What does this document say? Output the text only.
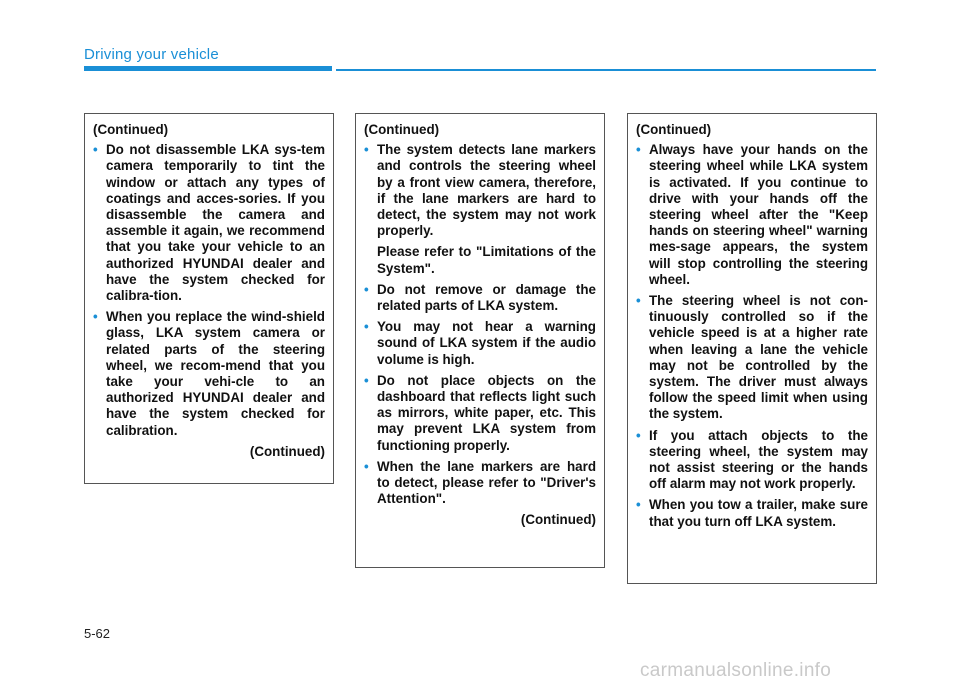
Driving your vehicle

(Continued)

• Do not disassemble LKA sys-tem camera temporarily to tint the window or attach any types of coatings and acces-sories. If you disassemble the camera and assemble it again, we recommend that you take your vehicle to an authorized HYUNDAI dealer and have the system checked for calibra-tion.
• When you replace the wind-shield glass, LKA system camera or related parts of the steering wheel, we recom-mend that you take your vehi-cle to an authorized HYUNDAI dealer and have the system checked for calibration.

(Continued)

(Continued)

• The system detects lane markers and controls the steering wheel by a front view camera, therefore, if the lane markers are hard to detect, the system may not work properly.
Please refer to "Limitations of the System".
• Do not remove or damage the related parts of LKA system.
• You may not hear a warning sound of LKA system if the audio volume is high.
• Do not place objects on the dashboard that reflects light such as mirrors, white paper, etc. This may prevent LKA system from functioning properly.
• When the lane markers are hard to detect, please refer to "Driver's Attention".

(Continued)

(Continued)

• Always have your hands on the steering wheel while LKA system is activated. If you continue to drive with your hands off the steering wheel after the "Keep hands on steering wheel" warning mes-sage appears, the system will stop controlling the steering wheel.
• The steering wheel is not con-tinuously controlled so if the vehicle speed is at a higher rate when leaving a lane the vehicle may not be controlled by the system. The driver must always follow the speed limit when using the system.
• If you attach objects to the steering wheel, the system may not assist steering or the hands off alarm may not work properly.
• When you tow a trailer, make sure that you turn off LKA system.
5-62
carmanualsonline.info
